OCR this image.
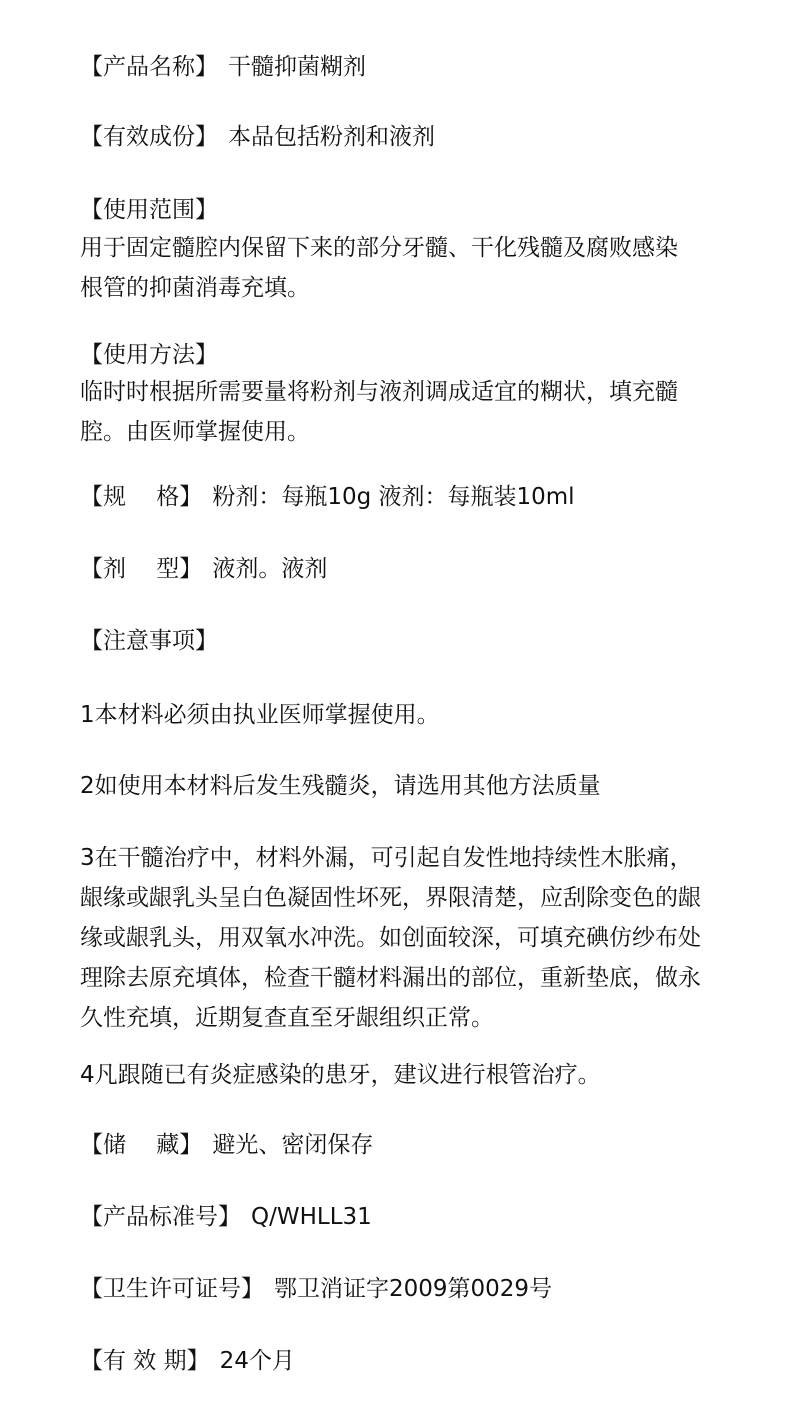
【产品名称】 干髓抑菌糊剂
【有效成份】 本品包括粉剂和液剂
【使用范围】
用于固定髓腔内保留下来的部分牙髓、干化残髓及腐败感染
根管的抑菌消毒充填。
【使用方法】
临时时根据所需要量将粉剂与液剂调成适宜的糊状，填充髓
腔。由医师掌握使用。
【规　 格】 粉剂：每瓶10g 液剂：每瓶装10ml
【剂　 型】 液剂。液剂
【注意事项】
1本材料必须由执业医师掌握使用。
2如使用本材料后发生残髓炎，请选用其他方法质量
3在干髓治疗中，材料外漏，可引起自发性地持续性木胀痛，
龈缘或龈乳头呈白色凝固性坏死，界限清楚，应刮除变色的龈
缘或龈乳头，用双氧水冲洗。如创面较深，可填充碘仿纱布处
理除去原充填体，检查干髓材料漏出的部位，重新垫底，做永
久性充填，近期复查直至牙龈组织正常。
4凡跟随已有炎症感染的患牙，建议进行根管治疗。
【储　 藏】 避光、密闭保存
【产品标准号】 Q/WHLL31
【卫生许可证号】 鄂卫消证字2009第0029号
【有 效 期】 24个月
